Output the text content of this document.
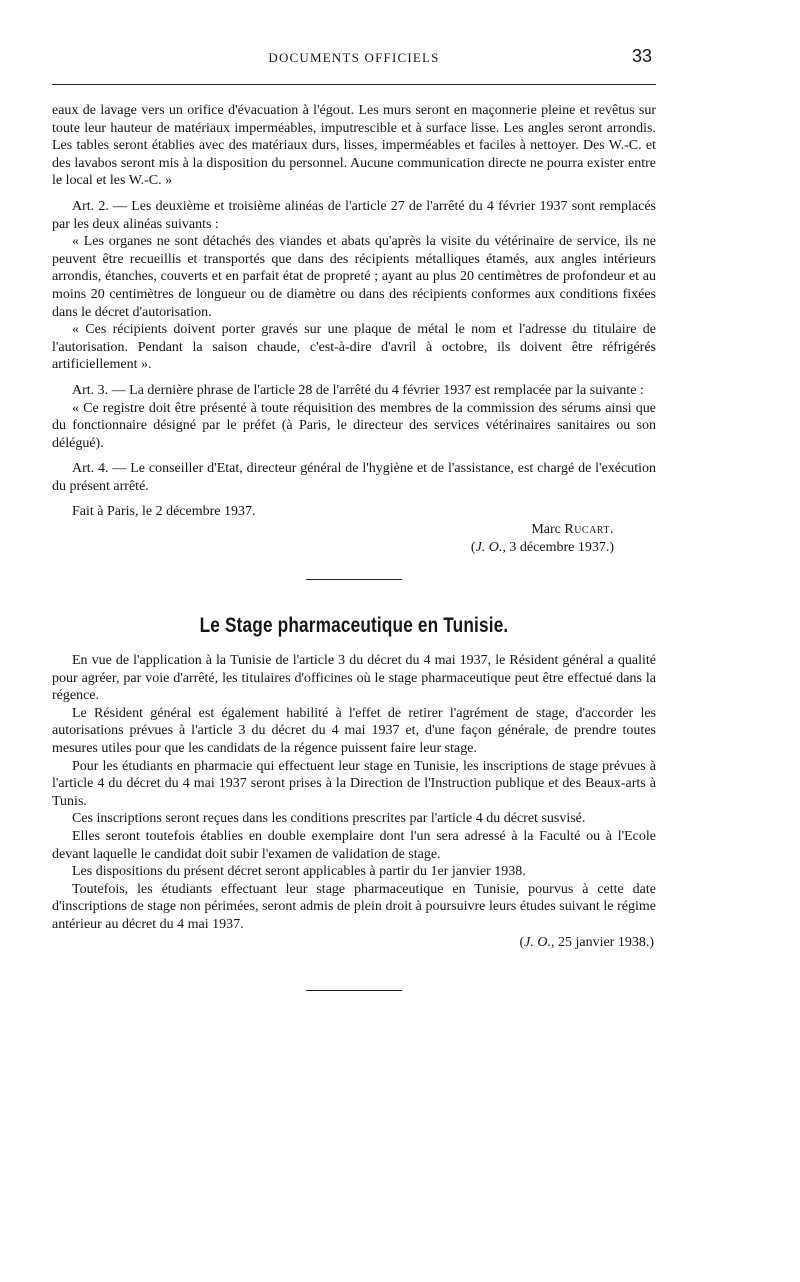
DOCUMENTS OFFICIELS	33

eaux de lavage vers un orifice d'évacuation à l'égout. Les murs seront en maçonnerie pleine et revêtus sur toute leur hauteur de matériaux imperméables, imputrescible et à surface lisse. Les angles seront arrondis. Les tables seront établies avec des matériaux durs, lisses, imperméables et faciles à nettoyer. Des W.-C. et des lavabos seront mis à la disposition du personnel. Aucune communication directe ne pourra exister entre le local et les W.-C. »

Art. 2. — Les deuxième et troisième alinéas de l'article 27 de l'arrêté du 4 février 1937 sont remplacés par les deux alinéas suivants :

« Les organes ne sont détachés des viandes et abats qu'après la visite du vétérinaire de service, ils ne peuvent être recueillis et transportés que dans des récipients métalliques étamés, aux angles intérieurs arrondis, étanches, couverts et en parfait état de propreté ; ayant au plus 20 centimètres de profondeur et au moins 20 centimètres de longueur ou de diamètre ou dans des récipients conformes aux conditions fixées dans le décret d'autorisation.

« Ces récipients doivent porter gravés sur une plaque de métal le nom et l'adresse du titulaire de l'autorisation. Pendant la saison chaude, c'est-à-dire d'avril à octobre, ils doivent être réfrigérés artificiellement ».

Art. 3. — La dernière phrase de l'article 28 de l'arrêté du 4 février 1937 est remplacée par la suivante :

« Ce registre doit être présenté à toute réquisition des membres de la commission des sérums ainsi que du fonctionnaire désigné par le préfet (à Paris, le directeur des services vétérinaires sanitaires ou son délégué).

Art. 4. — Le conseiller d'Etat, directeur général de l'hygiène et de l'assistance, est chargé de l'exécution du présent arrêté.

Fait à Paris, le 2 décembre 1937.

Marc Rucart.
(J. O., 3 décembre 1937.)
Le Stage pharmaceutique en Tunisie.

En vue de l'application à la Tunisie de l'article 3 du décret du 4 mai 1937, le Résident général a qualité pour agréer, par voie d'arrêté, les titulaires d'officines où le stage pharmaceutique peut être effectué dans la régence.

Le Résident général est également habilité à l'effet de retirer l'agrément de stage, d'accorder les autorisations prévues à l'article 3 du décret du 4 mai 1937 et, d'une façon générale, de prendre toutes mesures utiles pour que les candidats de la régence puissent faire leur stage.

Pour les étudiants en pharmacie qui effectuent leur stage en Tunisie, les inscriptions de stage prévues à l'article 4 du décret du 4 mai 1937 seront prises à la Direction de l'Instruction publique et des Beaux-arts à Tunis.

Ces inscriptions seront reçues dans les conditions prescrites par l'article 4 du décret susvisé.

Elles seront toutefois établies en double exemplaire dont l'un sera adressé à la Faculté ou à l'Ecole devant laquelle le candidat doit subir l'examen de validation de stage.

Les dispositions du présent décret seront applicables à partir du 1er janvier 1938.

Toutefois, les étudiants effectuant leur stage pharmaceutique en Tunisie, pourvus à cette date d'inscriptions de stage non périmées, seront admis de plein droit à poursuivre leurs études suivant le régime antérieur au décret du 4 mai 1937.

(J. O., 25 janvier 1938.)
